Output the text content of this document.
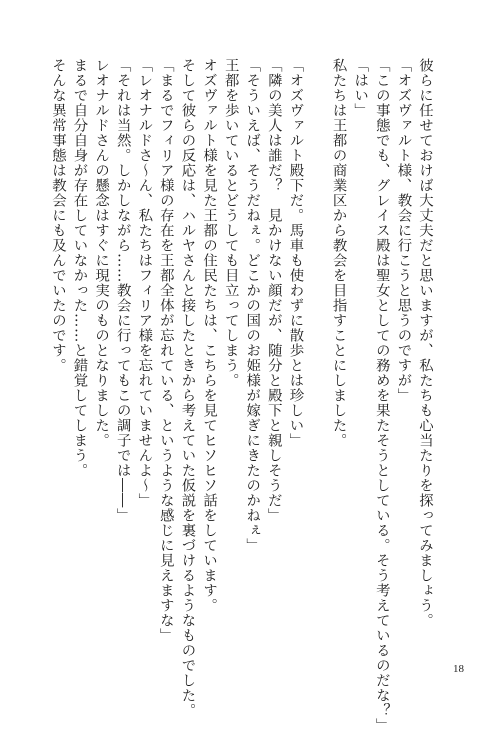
彼らに任せておけば大丈夫だと思いますが、私たちも心当たりを探ってみましょう。
「オズヴァルト様、教会に行こうと思うのですが」
「この事態でも、グレイス殿は聖女としての務めを果たそうとしている。そう考えているのだな？」
「はい」
私たちは王都の商業区から教会を目指すことにしました。
「オズヴァルト殿下だ。馬車も使わずに散歩とは珍しい」
「隣の美人は誰だ？　見かけない顔だが、随分と殿下と親しそうだ」
「そういえば、そうだねぇ。どこかの国のお姫様が嫁ぎにきたのかねぇ」
王都を歩いているとどうしても目立ってしまう。
オズヴァルト様を見た王都の住民たちは、こちらを見てヒソヒソ話をしています。
そして彼らの反応は、ハルヤさんと接したときから考えていた仮説を裏づけるようなものでした。
「まるでフィリア様の存在を王都全体が忘れている、というような感じに見えますな」
「レオナルドさ～ん、私たちはフィリア様を忘れていませんよ～」
「それは当然。しかしながら……教会に行ってもこの調子では――」
レオナルドさんの懸念はすぐに現実のものとなりました。
まるで自分自身が存在していなかった……と錯覚してしまう。
そんな異常事態は教会にも及んでいたのです。
18
